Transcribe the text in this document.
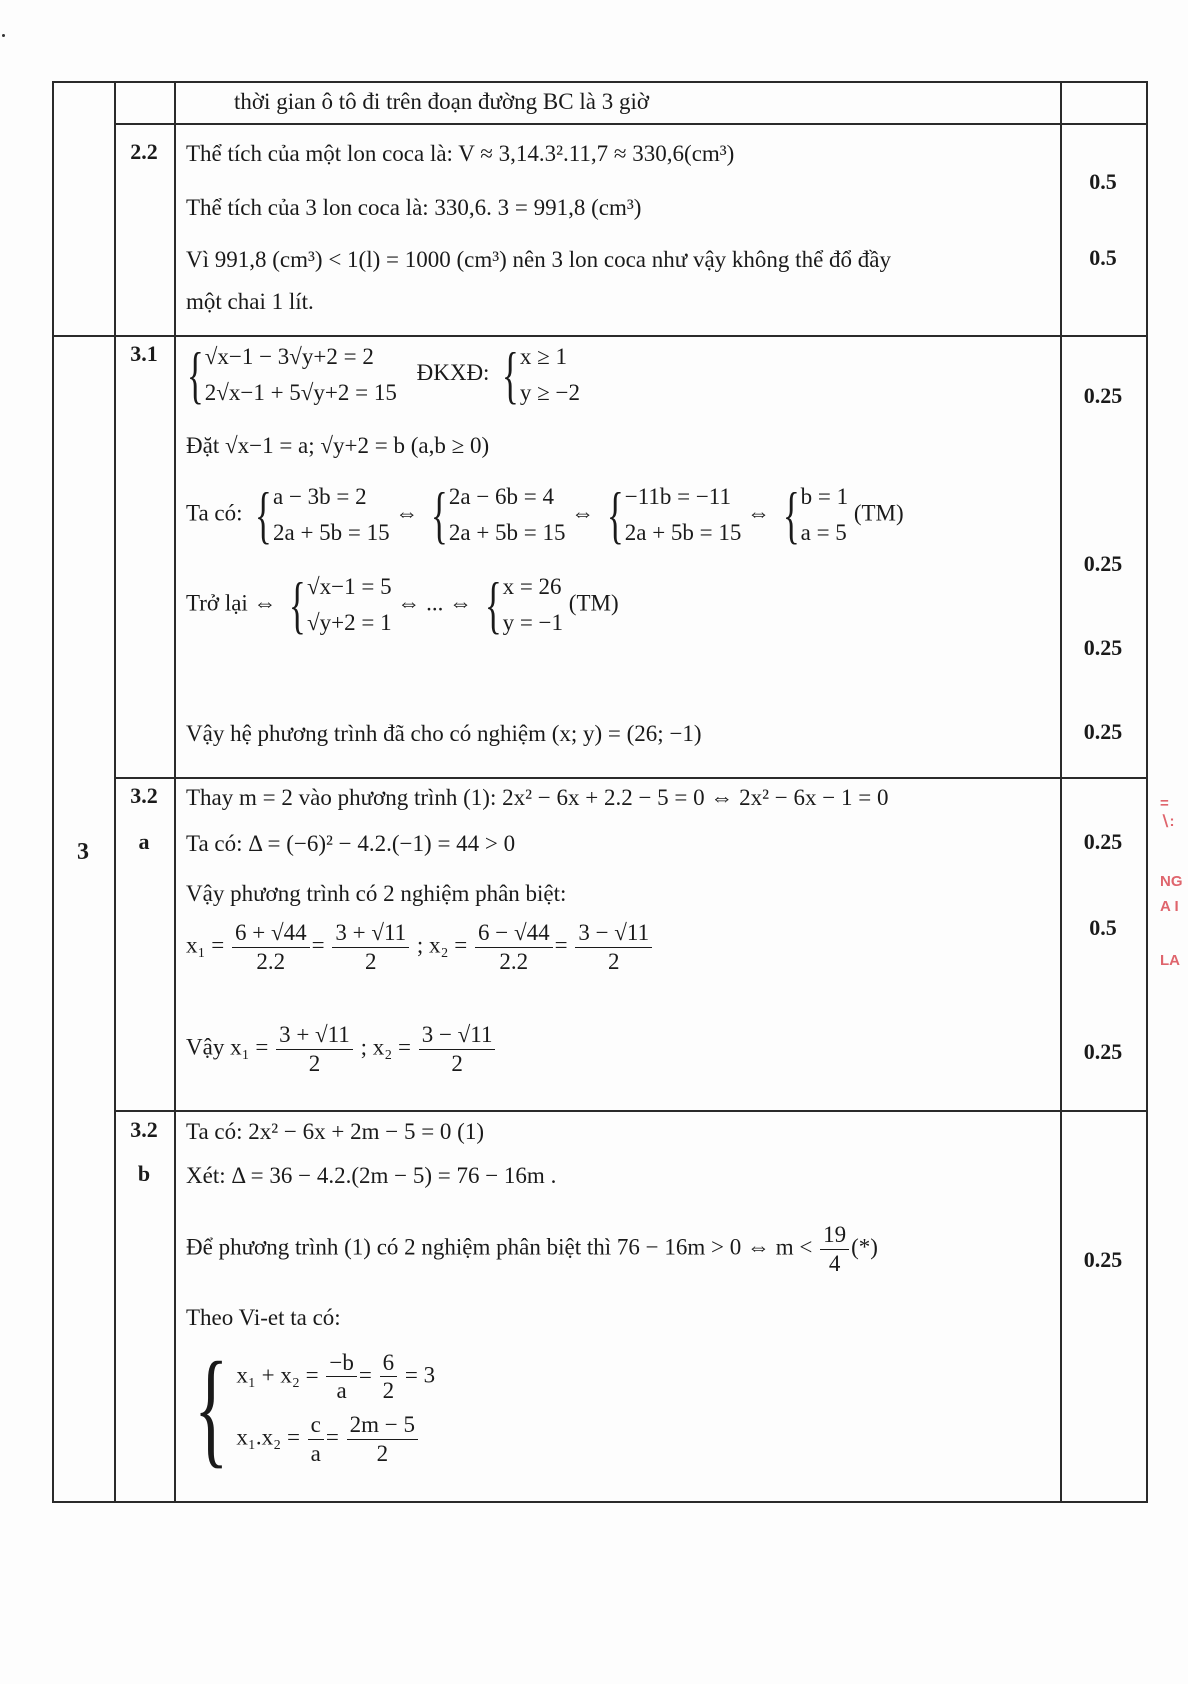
thời gian ô tô đi trên đoạn đường BC là 3 giờ
2.2	Thể tích của một lon coca là: V ≈ 3,14.3².11,7 ≈ 330,6(cm³)
Thể tích của 3 lon coca là: 330,6. 3 = 991,8 (cm³)
Vì 991,8 (cm³) < 1(l) = 1000 (cm³) nên 3 lon coca như vậy không thể đổ đầy
một chai 1 lít.
0.5
0.5
3
3.1 { √x−1 − 3√y+2 = 2
2√x−1 + 5√y+2 = 15
ĐKXĐ: { x ≥ 1
y ≥ −2
Đặt √x−1 = a; √y+2 = b (a,b ≥ 0)
Ta có: { a − 3b = 2
2a + 5b = 15
⇔ { 2a − 6b = 4
2a + 5b = 15
⇔ { −11b = −11
2a + 5b = 15
⇔ { b = 1
a = 5
(TM)
Trở lại ⇔ { √x−1 = 5
√y+2 = 1
⇔ ... ⇔ { x = 26
y = −1
(TM)
Vậy hệ phương trình đã cho có nghiệm (x; y) = (26; −1)
0.25
0.25
0.25
0.25
3.2
a
Thay m = 2 vào phương trình (1): 2x² − 6x + 2.2 − 5 = 0 ⇔ 2x² − 6x − 1 = 0
Ta có: Δ = (−6)² − 4.2.(−1) = 44 > 0
Vậy phương trình có 2 nghiệm phân biệt:
$x_1 = \frac{6 + √44}{2.2} = \frac{3 + √11}{2}$ ; $x_2 = \frac{6 - √44}{2.2} = \frac{3 - √11}{2}$
Vậy $x_1 = \frac{3 + √11}{2}$ ; $x_2 = \frac{3 - √11}{2}$
0.25
0.5
0.25
3.2
b
Ta có: 2x² − 6x + 2m − 5 = 0 (1)
Xét: Δ = 36 − 4.2.(2m − 5) = 76 − 16m .
Để phương trình (1) có 2 nghiệm phân biệt thì 76 − 16m > 0 ⇔ $m < \frac{19}{4}$ (*)
Theo Vi-et ta có:
{ $x_1 + x_2 = \frac{-b}{a} = \frac{6}{2} = 3$
$x_1.x_2 = \frac{c}{a} = \frac{2m - 5}{2}$
0.25
=
∖:
NG
A I
LA
